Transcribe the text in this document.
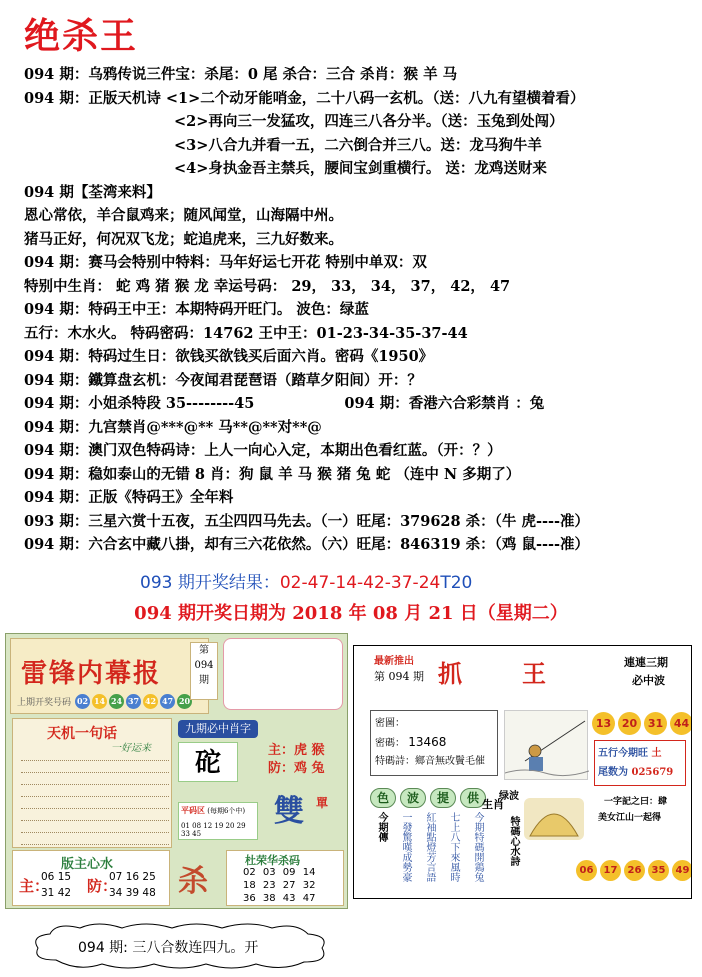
绝杀王
094 期：乌鸦传说三件宝：杀尾：0 尾 杀合：三合 杀肖：猴 羊 马
094 期：正版天机诗 <1>二个动牙能哨金，二十八码一玄机。（送：八九有望横着看）
<2>再向三一发猛攻，四连三八各分半。（送：玉兔到处闯）
<3>八合九并看一五，二六倒合并三八。送：龙马狗牛羊
<4>身执金吾主禁兵，腰间宝剑重横行。 送：龙鸡送财来
094 期【荃湾来料】
恩心常依，羊合鼠鸡来；随风闻堂，山海隔中州。
猪马正好，何况双飞龙；蛇追虎来，三九好数来。
094 期：赛马会特别中特料：马年好运七开花 特别中单双：双
特别中生肖： 蛇 鸡 猪 猴 龙 幸运号码： 29， 33， 34， 37， 42， 47
094 期：特码王中王：本期特码开旺门。 波色：绿蓝
五行：木水火。 特码密码：14762 王中王：01-23-34-35-37-44
094 期：特码过生日：欲钱买欲钱买后面六肖。密码《1950》
094 期：鐵算盘玄机：今夜闻君琵琶语（踏草夕阳间）开：？
094 期：小姐杀特段 35--------45	094 期：香港六合彩禁肖 ：兔
094 期：九宫禁肖@***@** 马**@**对**@
094 期：澳门双色特码诗：上人一向心入定，本期出色看红蓝。（开：？）
094 期：稳如泰山的无错 8 肖：狗 鼠 羊 马 猴 猪 兔 蛇 （连中 N 多期了）
094 期：正版《特码王》全年料
093 期：三星六赏十五夜，五尘四四马先去。（一）旺尾：379628 杀：（牛 虎----准）
094 期：六合玄中藏八掛，却有三六花依然。（六）旺尾：846319 杀：（鸡 鼠----准）
093 期开奖结果：02-47-14-42-37-24T20
094 期开奖日期为 2018 年 08 月 21 日（星期二）
雷锋内幕报
上期开奖号码 02 14 24 37 42 47 20
第
094
期
天机一句话
一好运来
九期必中肖字
砣	主：虎 猴
防：鸡 兔
雙 單
平码区 (每期6个中)
01 08 12 19 20 29 33 45
版主心水
主：
06 15
31 42 防：
07 16 25
34 39 48 杀
杜荣华杀码
02 03 09 14
18 23 27 32
36 38 43 47
最新推出
第 094 期 抓王 連連三期
必中波
13 20 31 44
五行今期旺 土
尾数为 025679
密圖：
密碼： 13468
特碼詩：鄉音無改鬢毛催
色	波	提	供	绿波
今期傳 一發驚嘆成勢豪 紅袖點燈芳言語 七上八下來風時 今期特碼開鶏兔
生肖
特碼心水詩
一字記之曰：肆
美女江山一起得
06	17	26	35	49
094 期: 三八合数连四九。开
